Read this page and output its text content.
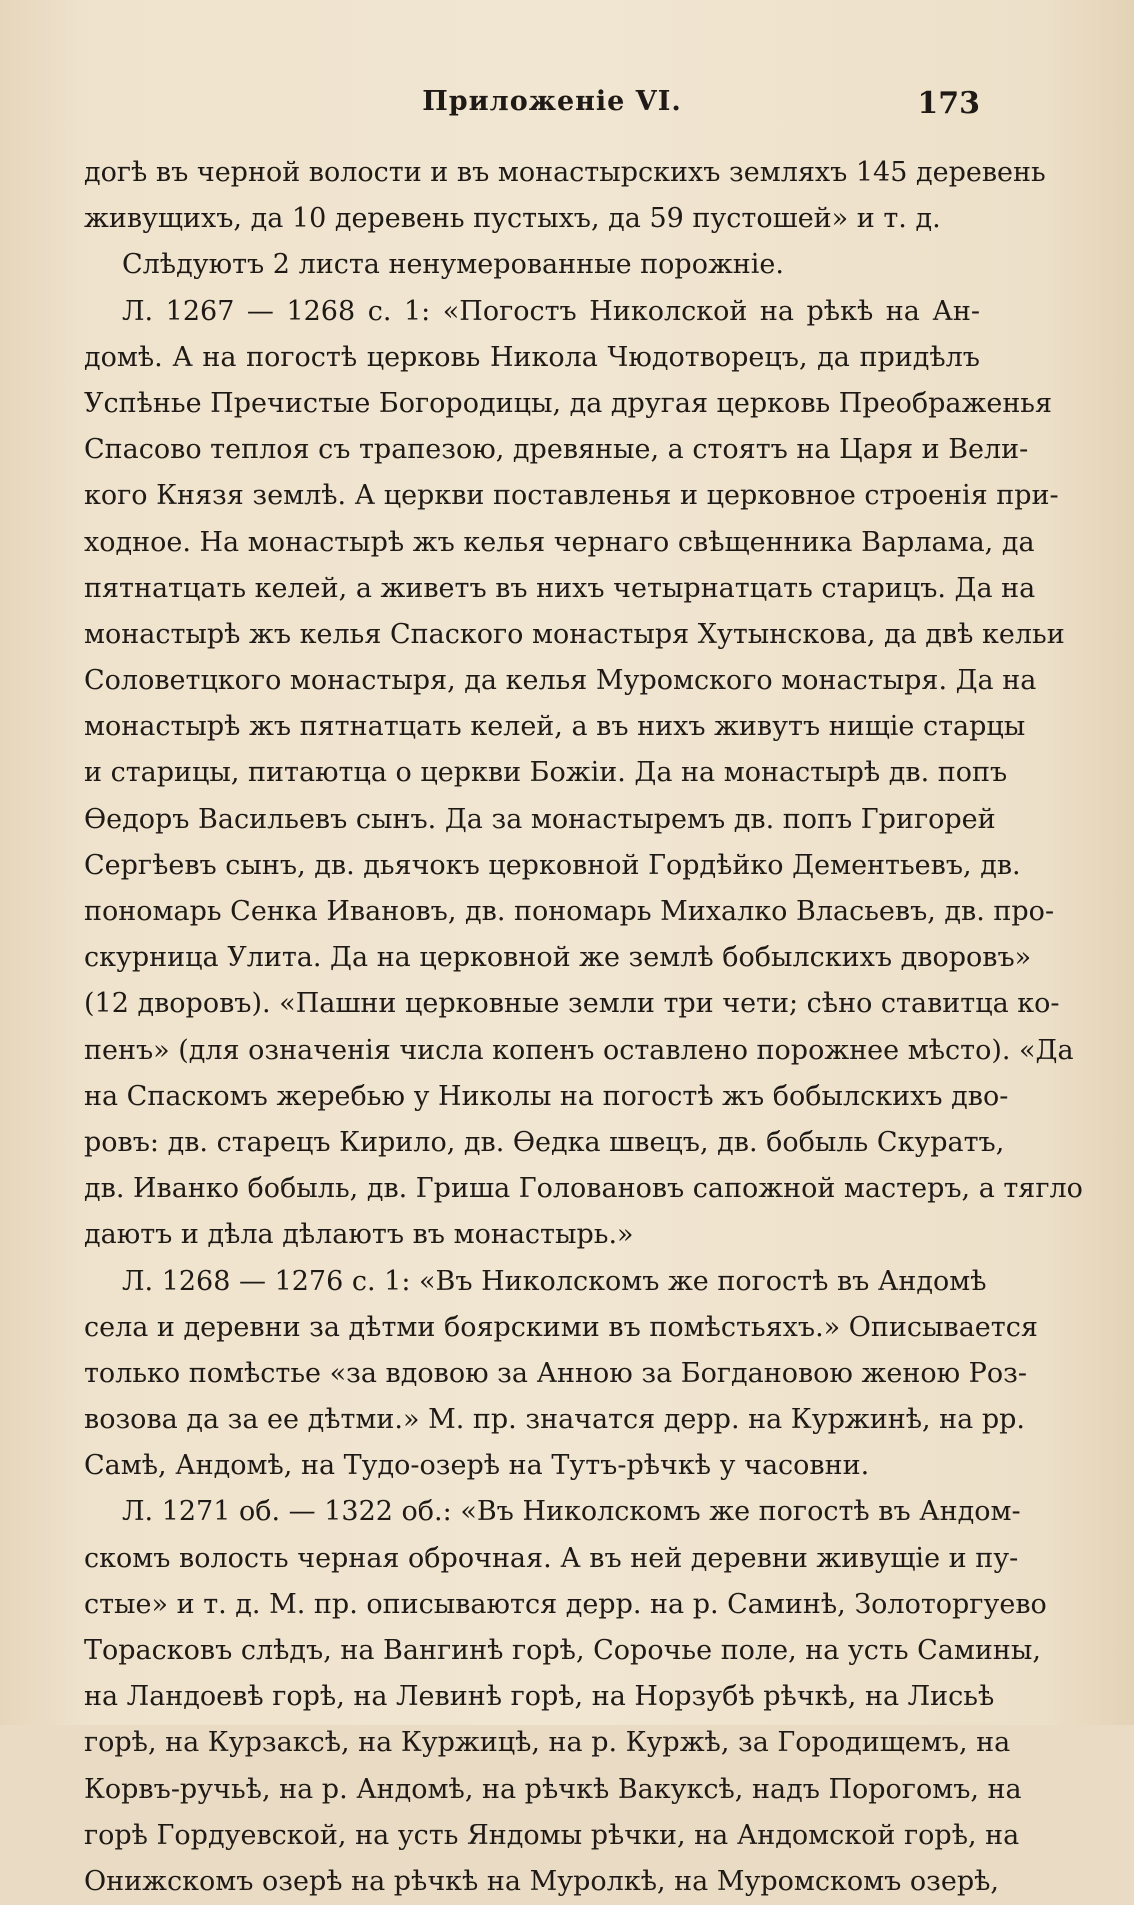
Приложеніе VI.	173
догѣ въ черной волости и въ монастырскихъ земляхъ 145 деревень
живущихъ, да 10 деревень пустыхъ, да 59 пустошей» и т. д.
Слѣдуютъ 2 листа ненумерованные порожніе.
Л. 1267 — 1268 с. 1: «Погостъ Николской на рѣкѣ на Ан-
домѣ. А на погостѣ церковь Никола Чюдотворецъ, да придѣлъ
Успѣнье Пречистые Богородицы, да другая церковь Преображенья
Спасово теплоя съ трапезою, древяные, а стоятъ на Царя и Вели-
кого Князя землѣ. А церкви поставленья и церковное строенія при-
ходное. На монастырѣ жъ келья чернаго свѣщенника Варлама, да
пятнатцать келей, а живетъ въ нихъ четырнатцать старицъ. Да на
монастырѣ жъ келья Спаского монастыря Хутынскова, да двѣ кельи
Соловетцкого монастыря, да келья Муромского монастыря. Да на
монастырѣ жъ пятнатцать келей, а въ нихъ живутъ нищіе старцы
и старицы, питаютца о церкви Божіи. Да на монастырѣ дв. попъ
Ѳедоръ Васильевъ сынъ. Да за монастыремъ дв. попъ Григорей
Сергѣевъ сынъ, дв. дьячокъ церковной Гордѣйко Дементьевъ, дв.
пономарь Сенка Ивановъ, дв. пономарь Михалко Власьевъ, дв. про-
скурница Улита. Да на церковной же землѣ бобылскихъ дворовъ»
(12 дворовъ). «Пашни церковные земли три чети; сѣно ставитца ко-
пенъ» (для означенія числа копенъ оставлено порожнее мѣсто). «Да
на Спаскомъ жеребью у Николы на погостѣ жъ бобылскихъ дво-
ровъ: дв. старецъ Кирило, дв. Ѳедка швецъ, дв. бобыль Скуратъ,
дв. Иванко бобыль, дв. Гриша Головановъ сапожной мастеръ, а тягло
даютъ и дѣла дѣлаютъ въ монастырь.»
Л. 1268 — 1276 с. 1: «Въ Николскомъ же погостѣ въ Андомѣ
села и деревни за дѣтми боярскими въ помѣстьяхъ.» Описывается
только помѣстье «за вдовою за Анною за Богдановою женою Роз-
возова да за ее дѣтми.» М. пр. значатся дерр. на Куржинѣ, на рр.
Самѣ, Андомѣ, на Тудо-озерѣ на Тутъ-рѣчкѣ у часовни.
Л. 1271 об. — 1322 об.: «Въ Николскомъ же погостѣ въ Андом-
скомъ волость черная оброчная. А въ ней деревни живущіе и пу-
стые» и т. д. М. пр. описываются дерр. на р. Саминѣ, Золоторгуево
Торасковъ слѣдъ, на Вангинѣ горѣ, Сорочье поле, на усть Самины,
на Ландоевѣ горѣ, на Левинѣ горѣ, на Норзубѣ рѣчкѣ, на Лисьѣ
горѣ, на Курзаксѣ, на Куржицѣ, на р. Куржѣ, за Городищемъ, на
Корвъ-ручьѣ, на р. Андомѣ, на рѣчкѣ Вакуксѣ, надъ Порогомъ, на
горѣ Гордуевской, на усть Яндомы рѣчки, на Андомской горѣ, на
Онижскомъ озерѣ на рѣчкѣ на Муролкѣ, на Муромскомъ озерѣ,
